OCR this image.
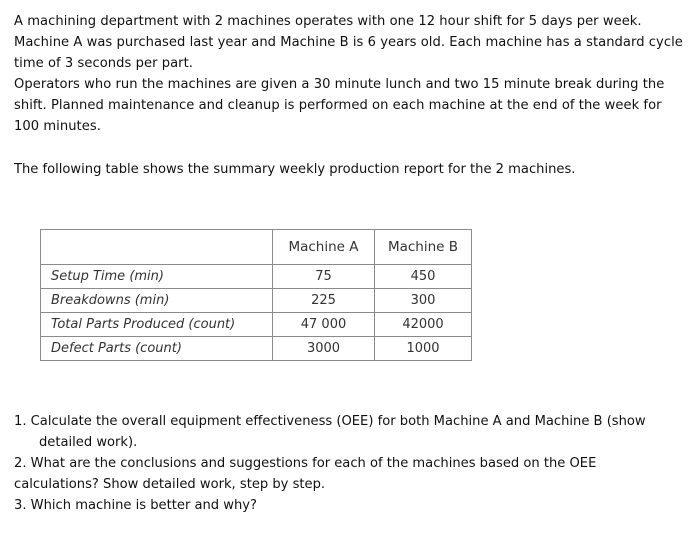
A machining department with 2 machines operates with one 12 hour shift for 5 days per week.

Machine A was purchased last year and Machine B is 6 years old. Each machine has a standard cycle

time of 3 seconds per part.

Operators who run the machines are given a 30 minute lunch and two 15 minute break during the

shift. Planned maintenance and cleanup is performed on each machine at the end of the week for

100 minutes.

The following table shows the summary weekly production report for the 2 machines.
	Machine A	Machine B
Setup Time (min)	75	450
Breakdowns (min)	225	300
Total Parts Produced (count)	47 000	42000
Defect Parts (count)	3000	1000
1. Calculate the overall equipment effectiveness (OEE) for both Machine A and Machine B (show detailed work).
2. What are the conclusions and suggestions for each of the machines based on the OEE calculations? Show detailed work, step by step.
3. Which machine is better and why?
